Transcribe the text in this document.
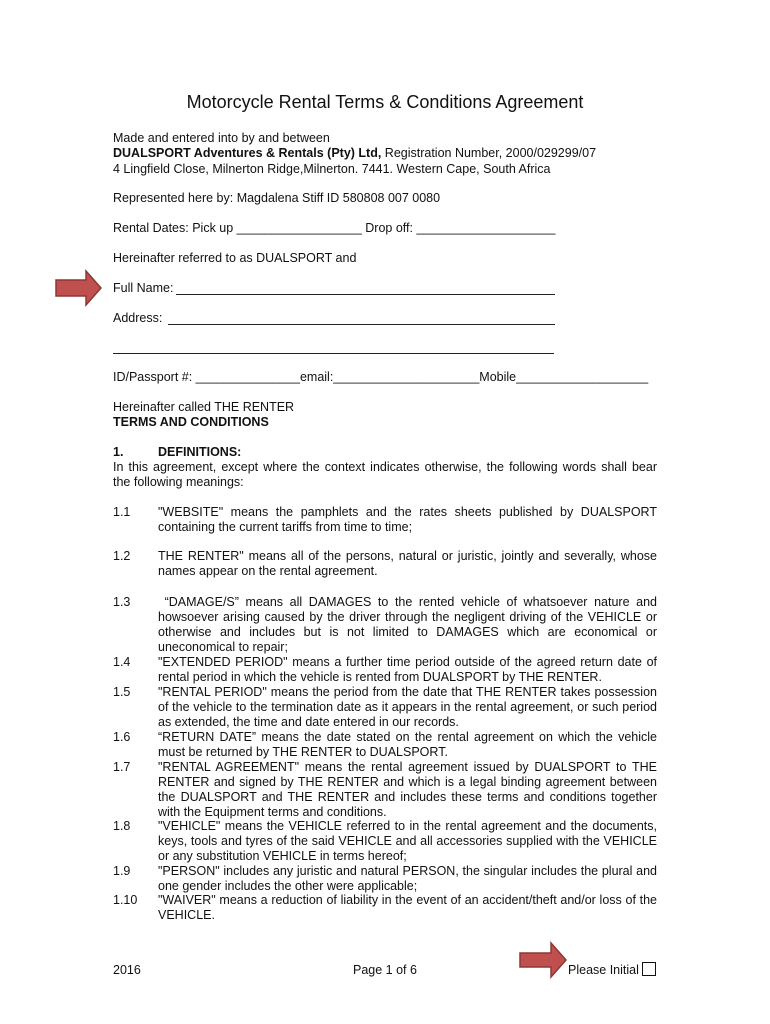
Motorcycle Rental Terms & Conditions Agreement
Made and entered into by and between
DUALSPORT Adventures & Rentals (Pty) Ltd, Registration Number, 2000/029299/07
4 Lingfield Close, Milnerton Ridge,Milnerton. 7441. Western Cape, South Africa
Represented here by: Magdalena Stiff ID 580808 007 0080
Rental Dates: Pick up __________________ Drop off: ____________________
Hereinafter referred to as DUALSPORT and
Full Name:
Address:
ID/Passport #: _______________email:_____________________Mobile___________________
Hereinafter called THE RENTER
TERMS AND CONDITIONS
1.	DEFINITIONS:
In this agreement, except where the context indicates otherwise, the following words shall bear the following meanings:
1.1	"WEBSITE" means the pamphlets and the rates sheets published by DUALSPORT containing the current tariffs from time to time;
1.2	THE RENTER" means all of the persons, natural or juristic, jointly and severally, whose names appear on the rental agreement.
1.3	“DAMAGE/S” means all DAMAGES to the rented vehicle of whatsoever nature and howsoever arising caused by the driver through the negligent driving of the VEHICLE or otherwise and includes but is not limited to DAMAGES which are economical or uneconomical to repair;
1.4	"EXTENDED PERIOD" means a further time period outside of the agreed return date of rental period in which the vehicle is rented from DUALSPORT by THE RENTER.
1.5	"RENTAL PERIOD" means the period from the date that THE RENTER takes possession of the vehicle to the termination date as it appears in the rental agreement, or such period as extended, the time and date entered in our records.
1.6	“RETURN DATE” means the date stated on the rental agreement on which the vehicle must be returned by THE RENTER to DUALSPORT.
1.7	"RENTAL AGREEMENT" means the rental agreement issued by DUALSPORT to THE RENTER and signed by THE RENTER and which is a legal binding agreement between the DUALSPORT and THE RENTER and includes these terms and conditions together with the Equipment terms and conditions.
1.8	"VEHICLE" means the VEHICLE referred to in the rental agreement and the documents, keys, tools and tyres of the said VEHICLE and all accessories supplied with the VEHICLE or any substitution VEHICLE in terms hereof;
1.9	"PERSON" includes any juristic and natural PERSON, the singular includes the plural and one gender includes the other were applicable;
1.10	"WAIVER" means a reduction of liability in the event of an accident/theft and/or loss of the VEHICLE.
2016	Page 1 of 6	Please Initial
